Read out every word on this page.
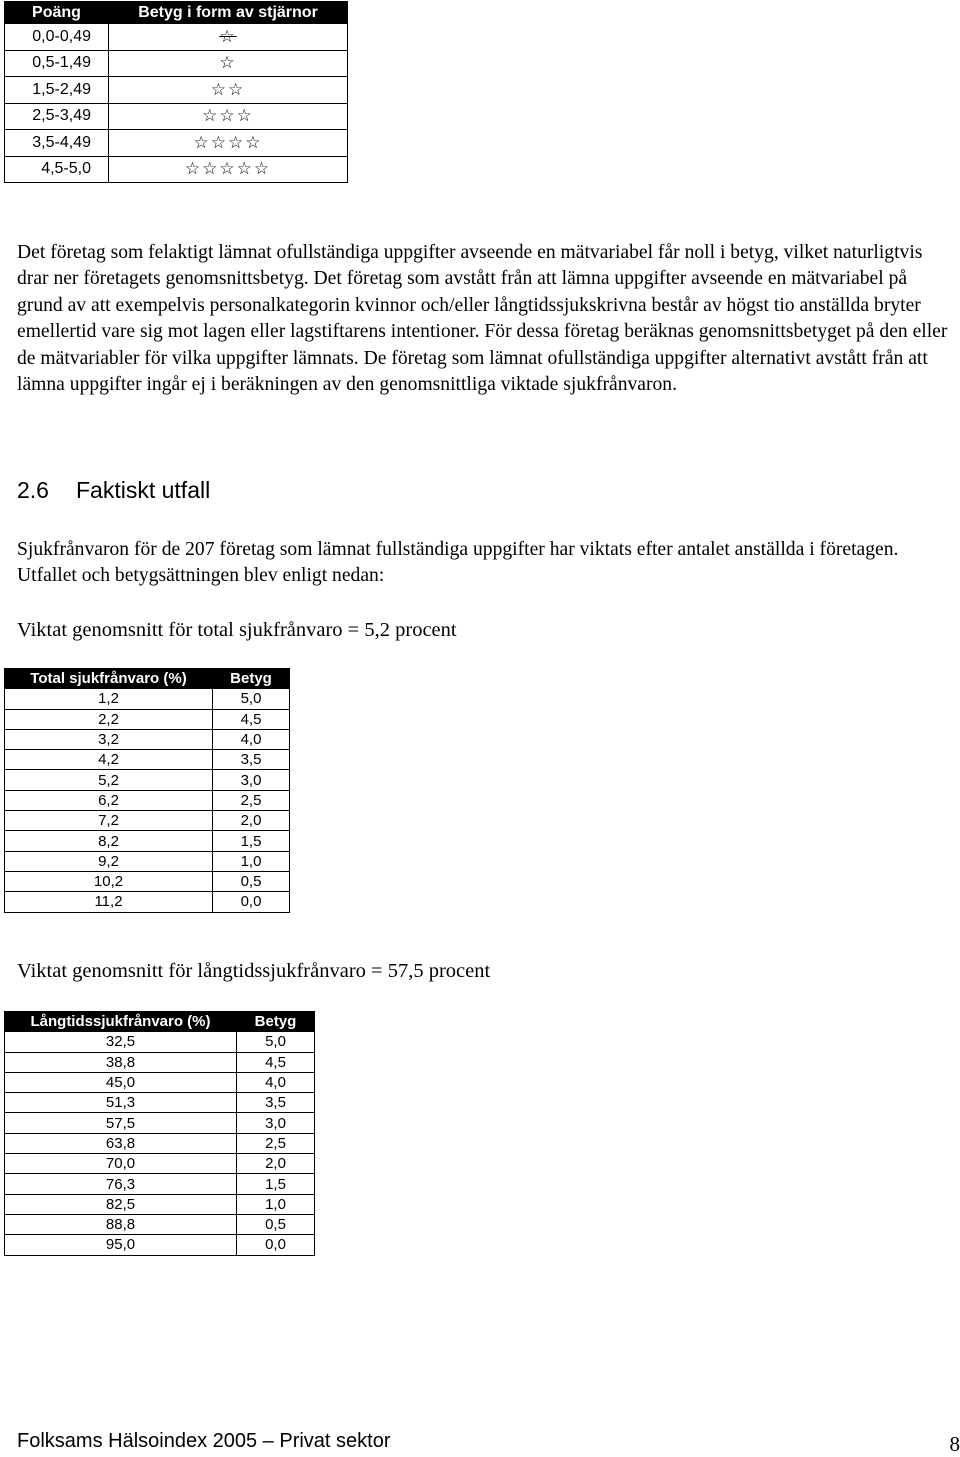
Poäng	Betyg i form av stjärnor
0,0-0,49	☆
0,5-1,49	☆
1,5-2,49	☆☆
2,5-3,49	☆☆☆
3,5-4,49	☆☆☆☆
4,5-5,0	☆☆☆☆☆
Det företag som felaktigt lämnat ofullständiga uppgifter avseende en mätvariabel får noll i betyg, vilket naturligtvis drar ner företagets genomsnittsbetyg. Det företag som avstått från att lämna uppgifter avseende en mätvariabel på grund av att exempelvis personalkategorin kvinnor och/eller långtidssjukskrivna består av högst tio anställda bryter emellertid vare sig mot lagen eller lagstiftarens intentioner. För dessa företag beräknas genomsnittsbetyget på den eller de mätvariabler för vilka uppgifter lämnats. De företag som lämnat ofullständiga uppgifter alternativt avstått från att lämna uppgifter ingår ej i beräkningen av den genomsnittliga viktade sjukfrånvaron.
2.6 Faktiskt utfall
Sjukfrånvaron för de 207 företag som lämnat fullständiga uppgifter har viktats efter antalet anställda i företagen. Utfallet och betygsättningen blev enligt nedan:
Viktat genomsnitt för total sjukfrånvaro = 5,2 procent
Total sjukfrånvaro (%)	Betyg
1,2	5,0
2,2	4,5
3,2	4,0
4,2	3,5
5,2	3,0
6,2	2,5
7,2	2,0
8,2	1,5
9,2	1,0
10,2	0,5
11,2	0,0
Viktat genomsnitt för långtidssjukfrånvaro = 57,5 procent
Långtidssjukfrånvaro (%)	Betyg
32,5	5,0
38,8	4,5
45,0	4,0
51,3	3,5
57,5	3,0
63,8	2,5
70,0	2,0
76,3	1,5
82,5	1,0
88,8	0,5
95,0	0,0
Folksams Hälsoindex 2005 – Privat sektor	8
